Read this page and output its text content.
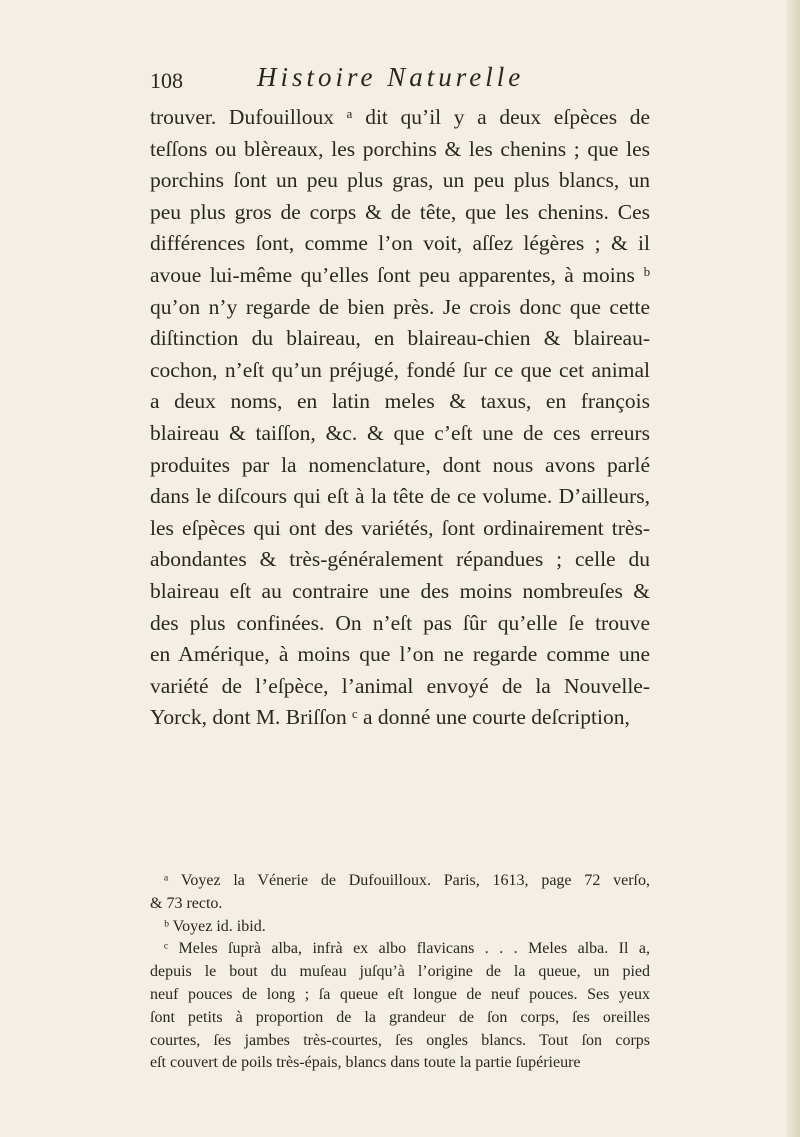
108	Histoire Naturelle
trouver. Dufouilloux ᵃ dit qu’il y a deux eſpèces de
teſſons ou blèreaux, les porchins & les chenins ; que les
porchins ſont un peu plus gras, un peu plus blancs, un
peu plus gros de corps & de tête, que les chenins. Ces
différences ſont, comme l’on voit, aſſez légères ; & il
avoue lui-même qu’elles ſont peu apparentes, à moins ᵇ
qu’on n’y regarde de bien près. Je crois donc que cette
diſtinction du blaireau, en blaireau-chien & blaireau-
cochon, n’eſt qu’un préjugé, fondé ſur ce que cet animal
a deux noms, en latin meles & taxus, en françois
blaireau & taiſſon, &c. & que c’eſt une de ces erreurs
produites par la nomenclature, dont nous avons parlé
dans le diſcours qui eſt à la tête de ce volume. D’ailleurs,
les eſpèces qui ont des variétés, ſont ordinairement très-
abondantes & très-généralement répandues ; celle du
blaireau eſt au contraire une des moins nombreuſes &
des plus confinées. On n’eſt pas ſûr qu’elle ſe trouve
en Amérique, à moins que l’on ne regarde comme une
variété de l’eſpèce, l’animal envoyé de la Nouvelle-
Yorck, dont M. Briſſon ᶜ a donné une courte deſcription,
ᵃ Voyez la Vénerie de Dufouilloux. Paris, 1613, page 72 verſo,
& 73 recto.
ᵇ Voyez id. ibid.
ᶜ Meles ſuprà alba, infrà ex albo flavicans . . . Meles alba. Il a,
depuis le bout du muſeau juſqu’à l’origine de la queue, un pied
neuf pouces de long ; ſa queue eſt longue de neuf pouces. Ses yeux
ſont petits à proportion de la grandeur de ſon corps, ſes oreilles
courtes, ſes jambes très-courtes, ſes ongles blancs. Tout ſon corps
eſt couvert de poils très-épais, blancs dans toute la partie ſupérieure
